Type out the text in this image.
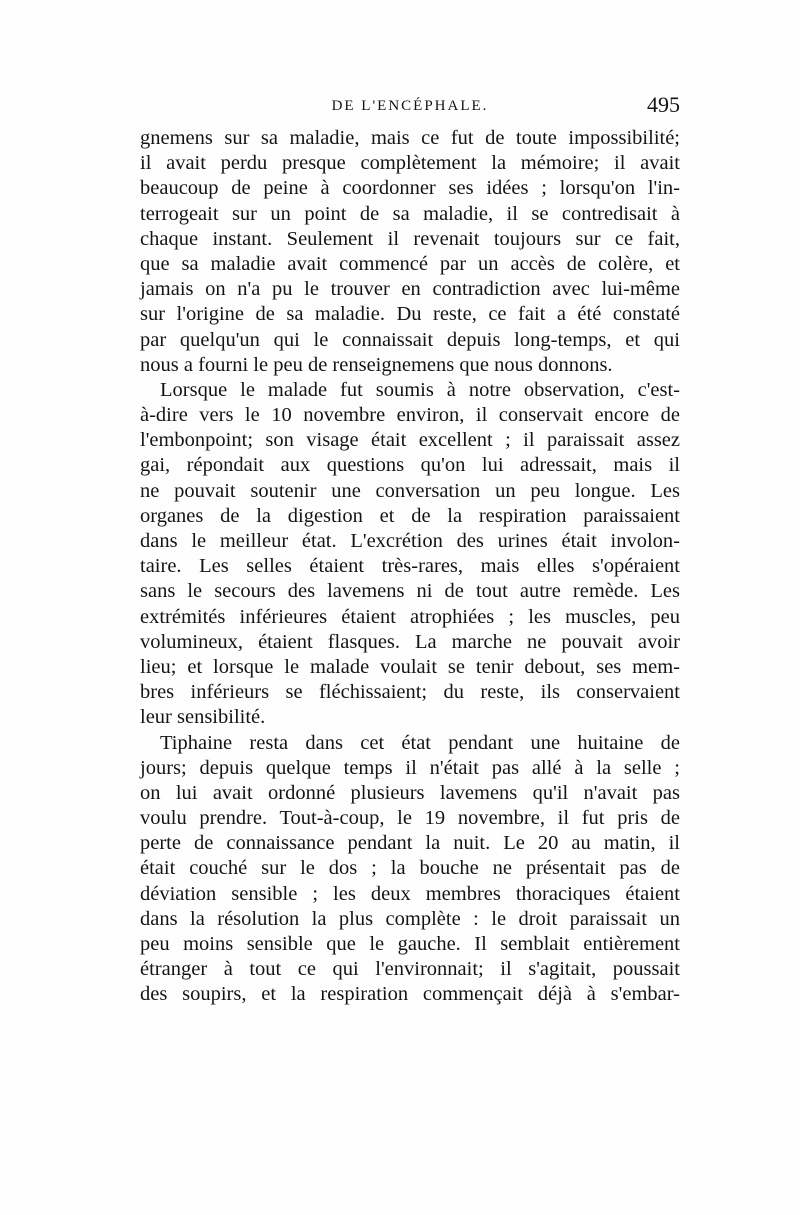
DE L'ENCÉPHALE.	495
gnemens sur sa maladie, mais ce fut de toute impossibilité;
il avait perdu presque complètement la mémoire; il avait
beaucoup de peine à coordonner ses idées ; lorsqu'on l'in-
terrogeait sur un point de sa maladie, il se contredisait à
chaque instant. Seulement il revenait toujours sur ce fait,
que sa maladie avait commencé par un accès de colère, et
jamais on n'a pu le trouver en contradiction avec lui-même
sur l'origine de sa maladie. Du reste, ce fait a été constaté
par quelqu'un qui le connaissait depuis long-temps, et qui
nous a fourni le peu de renseignemens que nous donnons.
Lorsque le malade fut soumis à notre observation, c'est-
à-dire vers le 10 novembre environ, il conservait encore de
l'embonpoint; son visage était excellent ; il paraissait assez
gai, répondait aux questions qu'on lui adressait, mais il
ne pouvait soutenir une conversation un peu longue. Les
organes de la digestion et de la respiration paraissaient
dans le meilleur état. L'excrétion des urines était involon-
taire. Les selles étaient très-rares, mais elles s'opéraient
sans le secours des lavemens ni de tout autre remède. Les
extrémités inférieures étaient atrophiées ; les muscles, peu
volumineux, étaient flasques. La marche ne pouvait avoir
lieu; et lorsque le malade voulait se tenir debout, ses mem-
bres inférieurs se fléchissaient; du reste, ils conservaient
leur sensibilité.
Tiphaine resta dans cet état pendant une huitaine de
jours; depuis quelque temps il n'était pas allé à la selle ;
on lui avait ordonné plusieurs lavemens qu'il n'avait pas
voulu prendre. Tout-à-coup, le 19 novembre, il fut pris de
perte de connaissance pendant la nuit. Le 20 au matin, il
était couché sur le dos ; la bouche ne présentait pas de
déviation sensible ; les deux membres thoraciques étaient
dans la résolution la plus complète : le droit paraissait un
peu moins sensible que le gauche. Il semblait entièrement
étranger à tout ce qui l'environnait; il s'agitait, poussait
des soupirs, et la respiration commençait déjà à s'embar-
